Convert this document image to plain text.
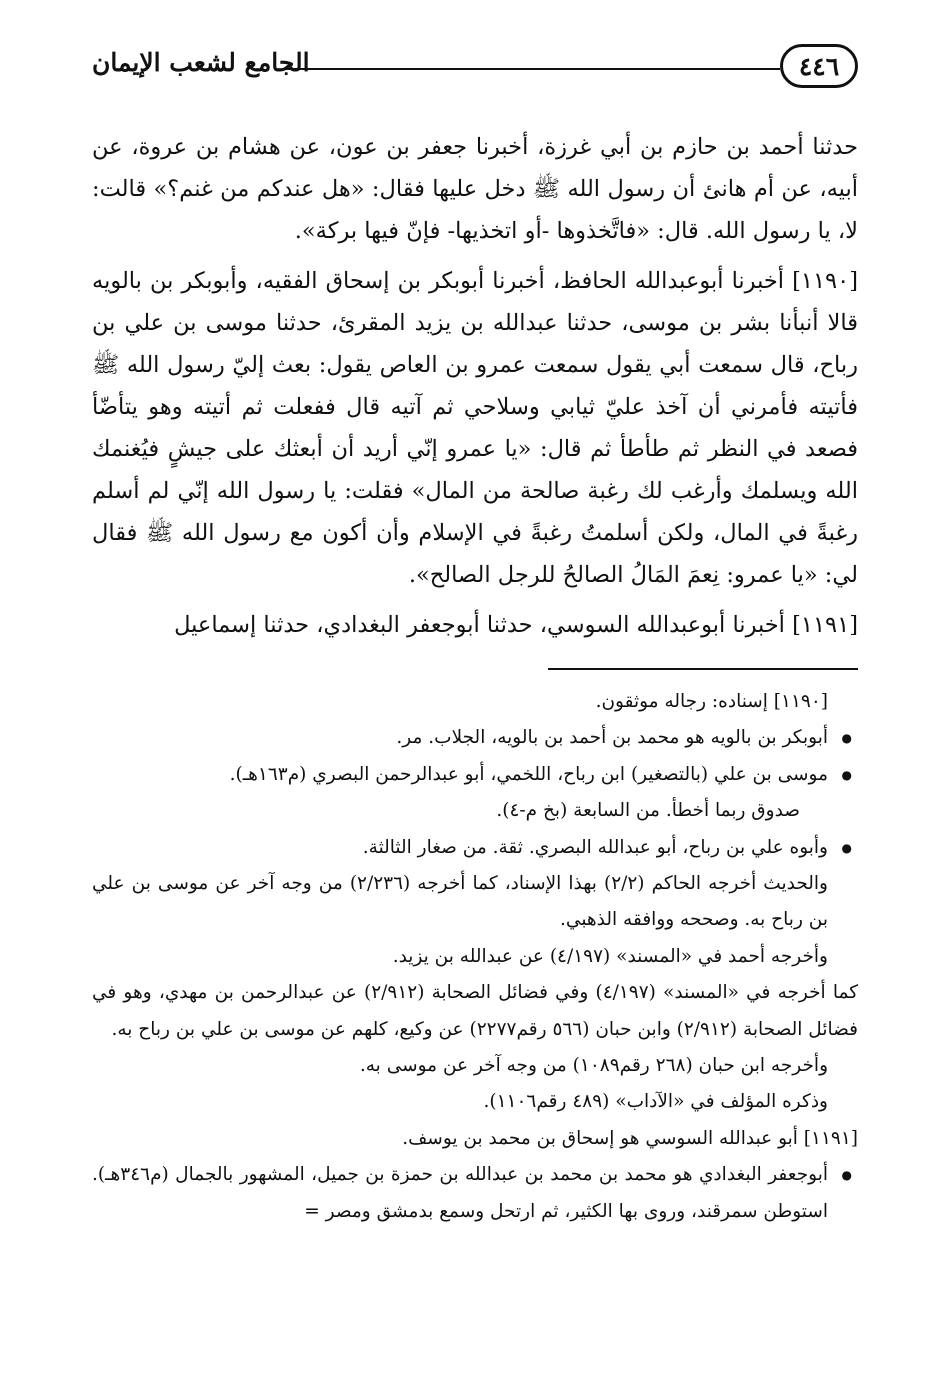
٤٤٦
الجامع لشعب الإيمان

حدثنا أحمد بن حازم بن أبي غرزة، أخبرنا جعفر بن عون، عن هشام بن عروة، عن أبيه، عن أم هانئ أن رسول الله ﷺ دخل عليها فقال: «هل عندكم من غنم؟» قالت: لا، يا رسول الله. قال: «فاتَّخذوها -أو اتخذيها- فإنّ فيها بركة».

[١١٩٠] أخبرنا أبوعبدالله الحافظ، أخبرنا أبوبكر بن إسحاق الفقيه، وأبوبكر بن بالويه قالا أنبأنا بشر بن موسى، حدثنا عبدالله بن يزيد المقرئ، حدثنا موسى بن علي بن رباح، قال سمعت أبي يقول سمعت عمرو بن العاص يقول: بعث إليّ رسول الله ﷺ فأتيته فأمرني أن آخذ عليّ ثيابي وسلاحي ثم آتيه قال ففعلت ثم أتيته وهو يتأضّأ فصعد في النظر ثم طأطأ ثم قال: «يا عمرو إنّي أريد أن أبعثك على جيشٍ فيُغنمك الله ويسلمك وأرغب لك رغبة صالحة من المال» فقلت: يا رسول الله إنّي لم أسلم رغبةً في المال، ولكن أسلمتُ رغبةً في الإسلام وأن أكون مع رسول الله ﷺ فقال لي: «يا عمرو: نِعمَ المَالُ الصالحُ للرجل الصالح».

[١١٩١] أخبرنا أبوعبدالله السوسي، حدثنا أبوجعفر البغدادي، حدثنا إسماعيل

[١١٩٠] إسناده: رجاله موثقون.

● أبوبكر بن بالويه هو محمد بن أحمد بن بالويه، الجلاب. مر.

● موسى بن علي (بالتصغير) ابن رباح، اللخمي، أبو عبدالرحمن البصري (م١٦٣هـ).

صدوق ربما أخطأ. من السابعة (بخ م-٤).

● وأبوه علي بن رباح، أبو عبدالله البصري. ثقة. من صغار الثالثة.

والحديث أخرجه الحاكم (٢/٢) بهذا الإسناد، كما أخرجه (٢/٢٣٦) من وجه آخر عن موسى بن علي بن رباح به. وصححه ووافقه الذهبي.

وأخرجه أحمد في «المسند» (٤/١٩٧) عن عبدالله بن يزيد.

كما أخرجه في «المسند» (٤/١٩٧) وفي فضائل الصحابة (٢/٩١٢) عن عبدالرحمن بن مهدي، وهو في فضائل الصحابة (٢/٩١٢) وابن حبان (٥٦٦ رقم٢٢٧٧) عن وكيع، كلهم عن موسى بن علي بن رباح به.

وأخرجه ابن حبان (٢٦٨ رقم١٠٨٩) من وجه آخر عن موسى به.

وذكره المؤلف في «الآداب» (٤٨٩ رقم١١٠٦).

[١١٩١] أبو عبدالله السوسي هو إسحاق بن محمد بن يوسف.

● أبوجعفر البغدادي هو محمد بن محمد بن عبدالله بن حمزة بن جميل، المشهور بالجمال (م٣٤٦هـ). استوطن سمرقند، وروى بها الكثير، ثم ارتحل وسمع بدمشق ومصر =
